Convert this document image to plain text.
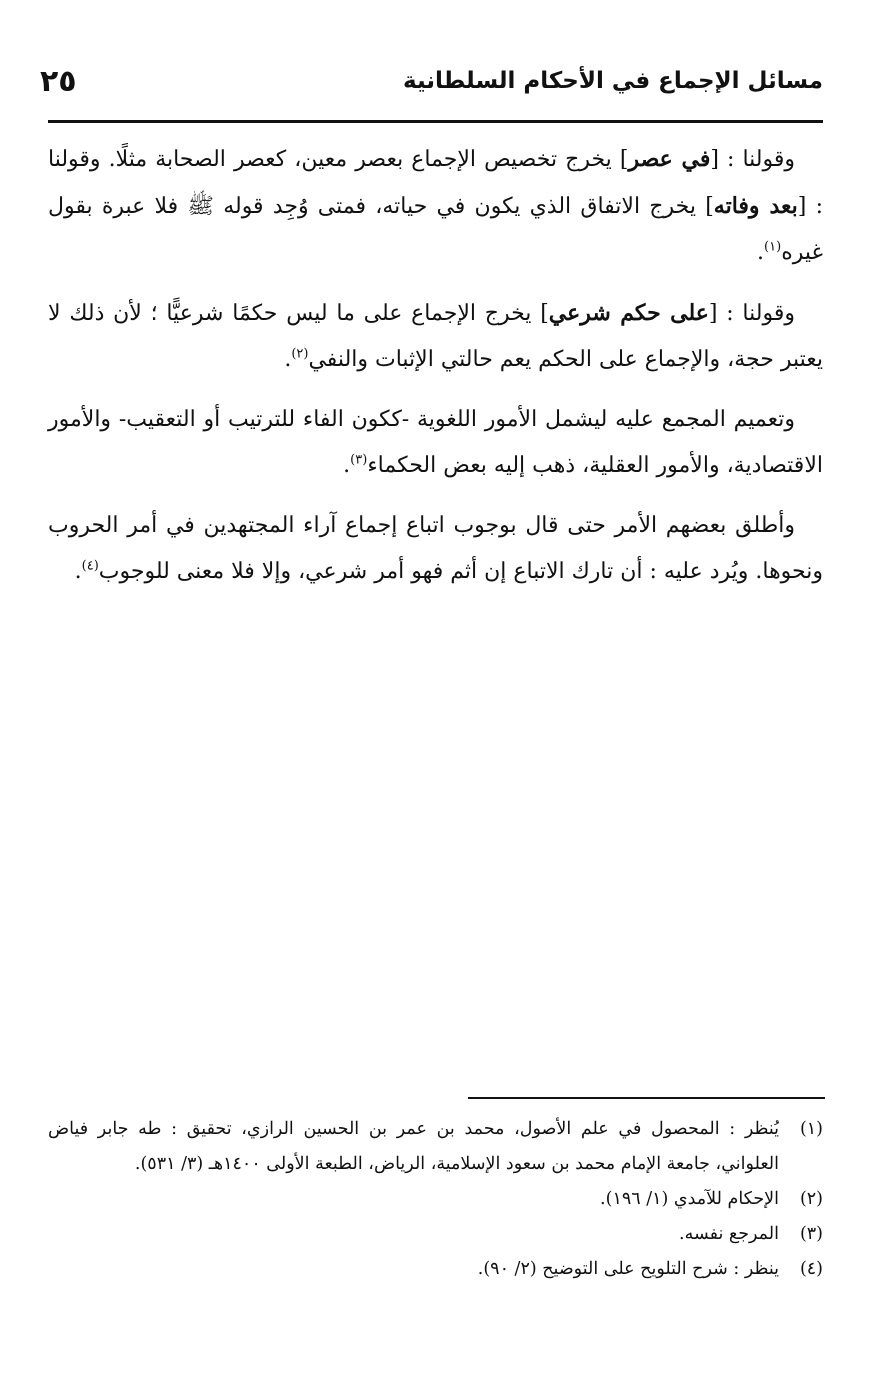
مسائل الإجماع في الأحكام السلطانية
٢٥

وقولنا : [في عصر] يخرج تخصيص الإجماع بعصر معين، كعصر الصحابة مثلًا. وقولنا : [بعد وفاته] يخرج الاتفاق الذي يكون في حياته، فمتى وُجِد قوله ﷺ فلا عبرة بقول غيره$^{(١)}$.

وقولنا : [على حكم شرعي] يخرج الإجماع على ما ليس حكمًا شرعيًّا ؛ لأن ذلك لا يعتبر حجة، والإجماع على الحكم يعم حالتي الإثبات والنفي$^{(٢)}$.

وتعميم المجمع عليه ليشمل الأمور اللغوية -ككون الفاء للترتيب أو التعقيب- والأمور الاقتصادية، والأمور العقلية، ذهب إليه بعض الحكماء$^{(٣)}$.

وأطلق بعضهم الأمر حتى قال بوجوب اتباع إجماع آراء المجتهدين في أمر الحروب ونحوها. ويُرد عليه : أن تارك الاتباع إن أثم فهو أمر شرعي، وإلا فلا معنى للوجوب$^{(٤)}$.

(١)
يُنظر : المحصول في علم الأصول، محمد بن عمر بن الحسين الرازي، تحقيق : طه جابر فياض العلواني، جامعة الإمام محمد بن سعود الإسلامية، الرياض، الطبعة الأولى ١٤٠٠هـ (٣/ ٥٣١).

(٢)
الإحكام للآمدي (١/ ١٩٦).

(٣)
المرجع نفسه.

(٤)
ينظر : شرح التلويح على التوضيح (٢/ ٩٠).
